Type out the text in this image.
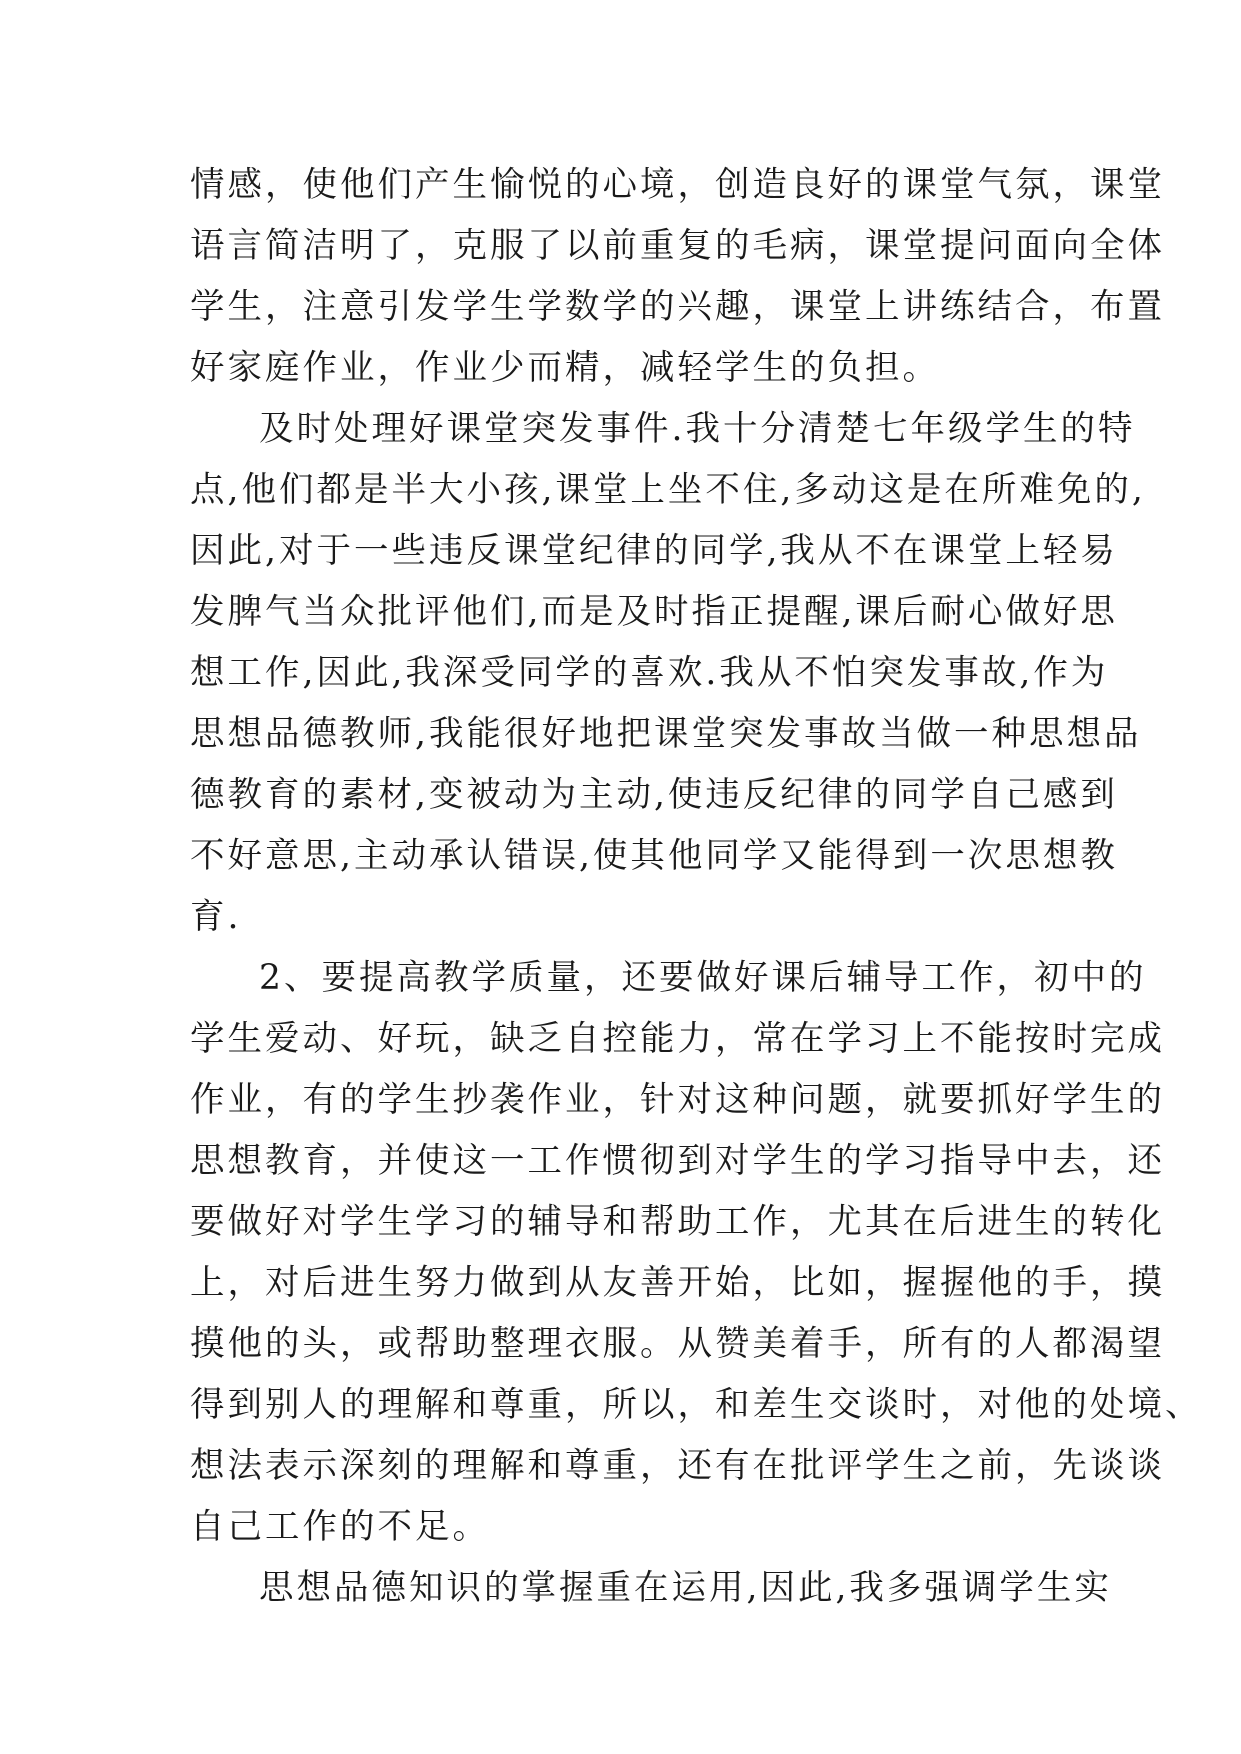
情感，使他们产生愉悦的心境，创造良好的课堂气氛，课堂
语言简洁明了，克服了以前重复的毛病，课堂提问面向全体
学生，注意引发学生学数学的兴趣，课堂上讲练结合，布置
好家庭作业，作业少而精，减轻学生的负担。
及时处理好课堂突发事件.我十分清楚七年级学生的特
点,他们都是半大小孩,课堂上坐不住,多动这是在所难免的,
因此,对于一些违反课堂纪律的同学,我从不在课堂上轻易
发脾气当众批评他们,而是及时指正提醒,课后耐心做好思
想工作,因此,我深受同学的喜欢.我从不怕突发事故,作为
思想品德教师,我能很好地把课堂突发事故当做一种思想品
德教育的素材,变被动为主动,使违反纪律的同学自己感到
不好意思,主动承认错误,使其他同学又能得到一次思想教
育.
2、要提高教学质量，还要做好课后辅导工作，初中的
学生爱动、好玩，缺乏自控能力，常在学习上不能按时完成
作业，有的学生抄袭作业，针对这种问题，就要抓好学生的
思想教育，并使这一工作惯彻到对学生的学习指导中去，还
要做好对学生学习的辅导和帮助工作，尤其在后进生的转化
上，对后进生努力做到从友善开始，比如，握握他的手，摸
摸他的头，或帮助整理衣服。从赞美着手，所有的人都渴望
得到别人的理解和尊重，所以，和差生交谈时，对他的处境、
想法表示深刻的理解和尊重，还有在批评学生之前，先谈谈
自己工作的不足。
思想品德知识的掌握重在运用,因此,我多强调学生实
